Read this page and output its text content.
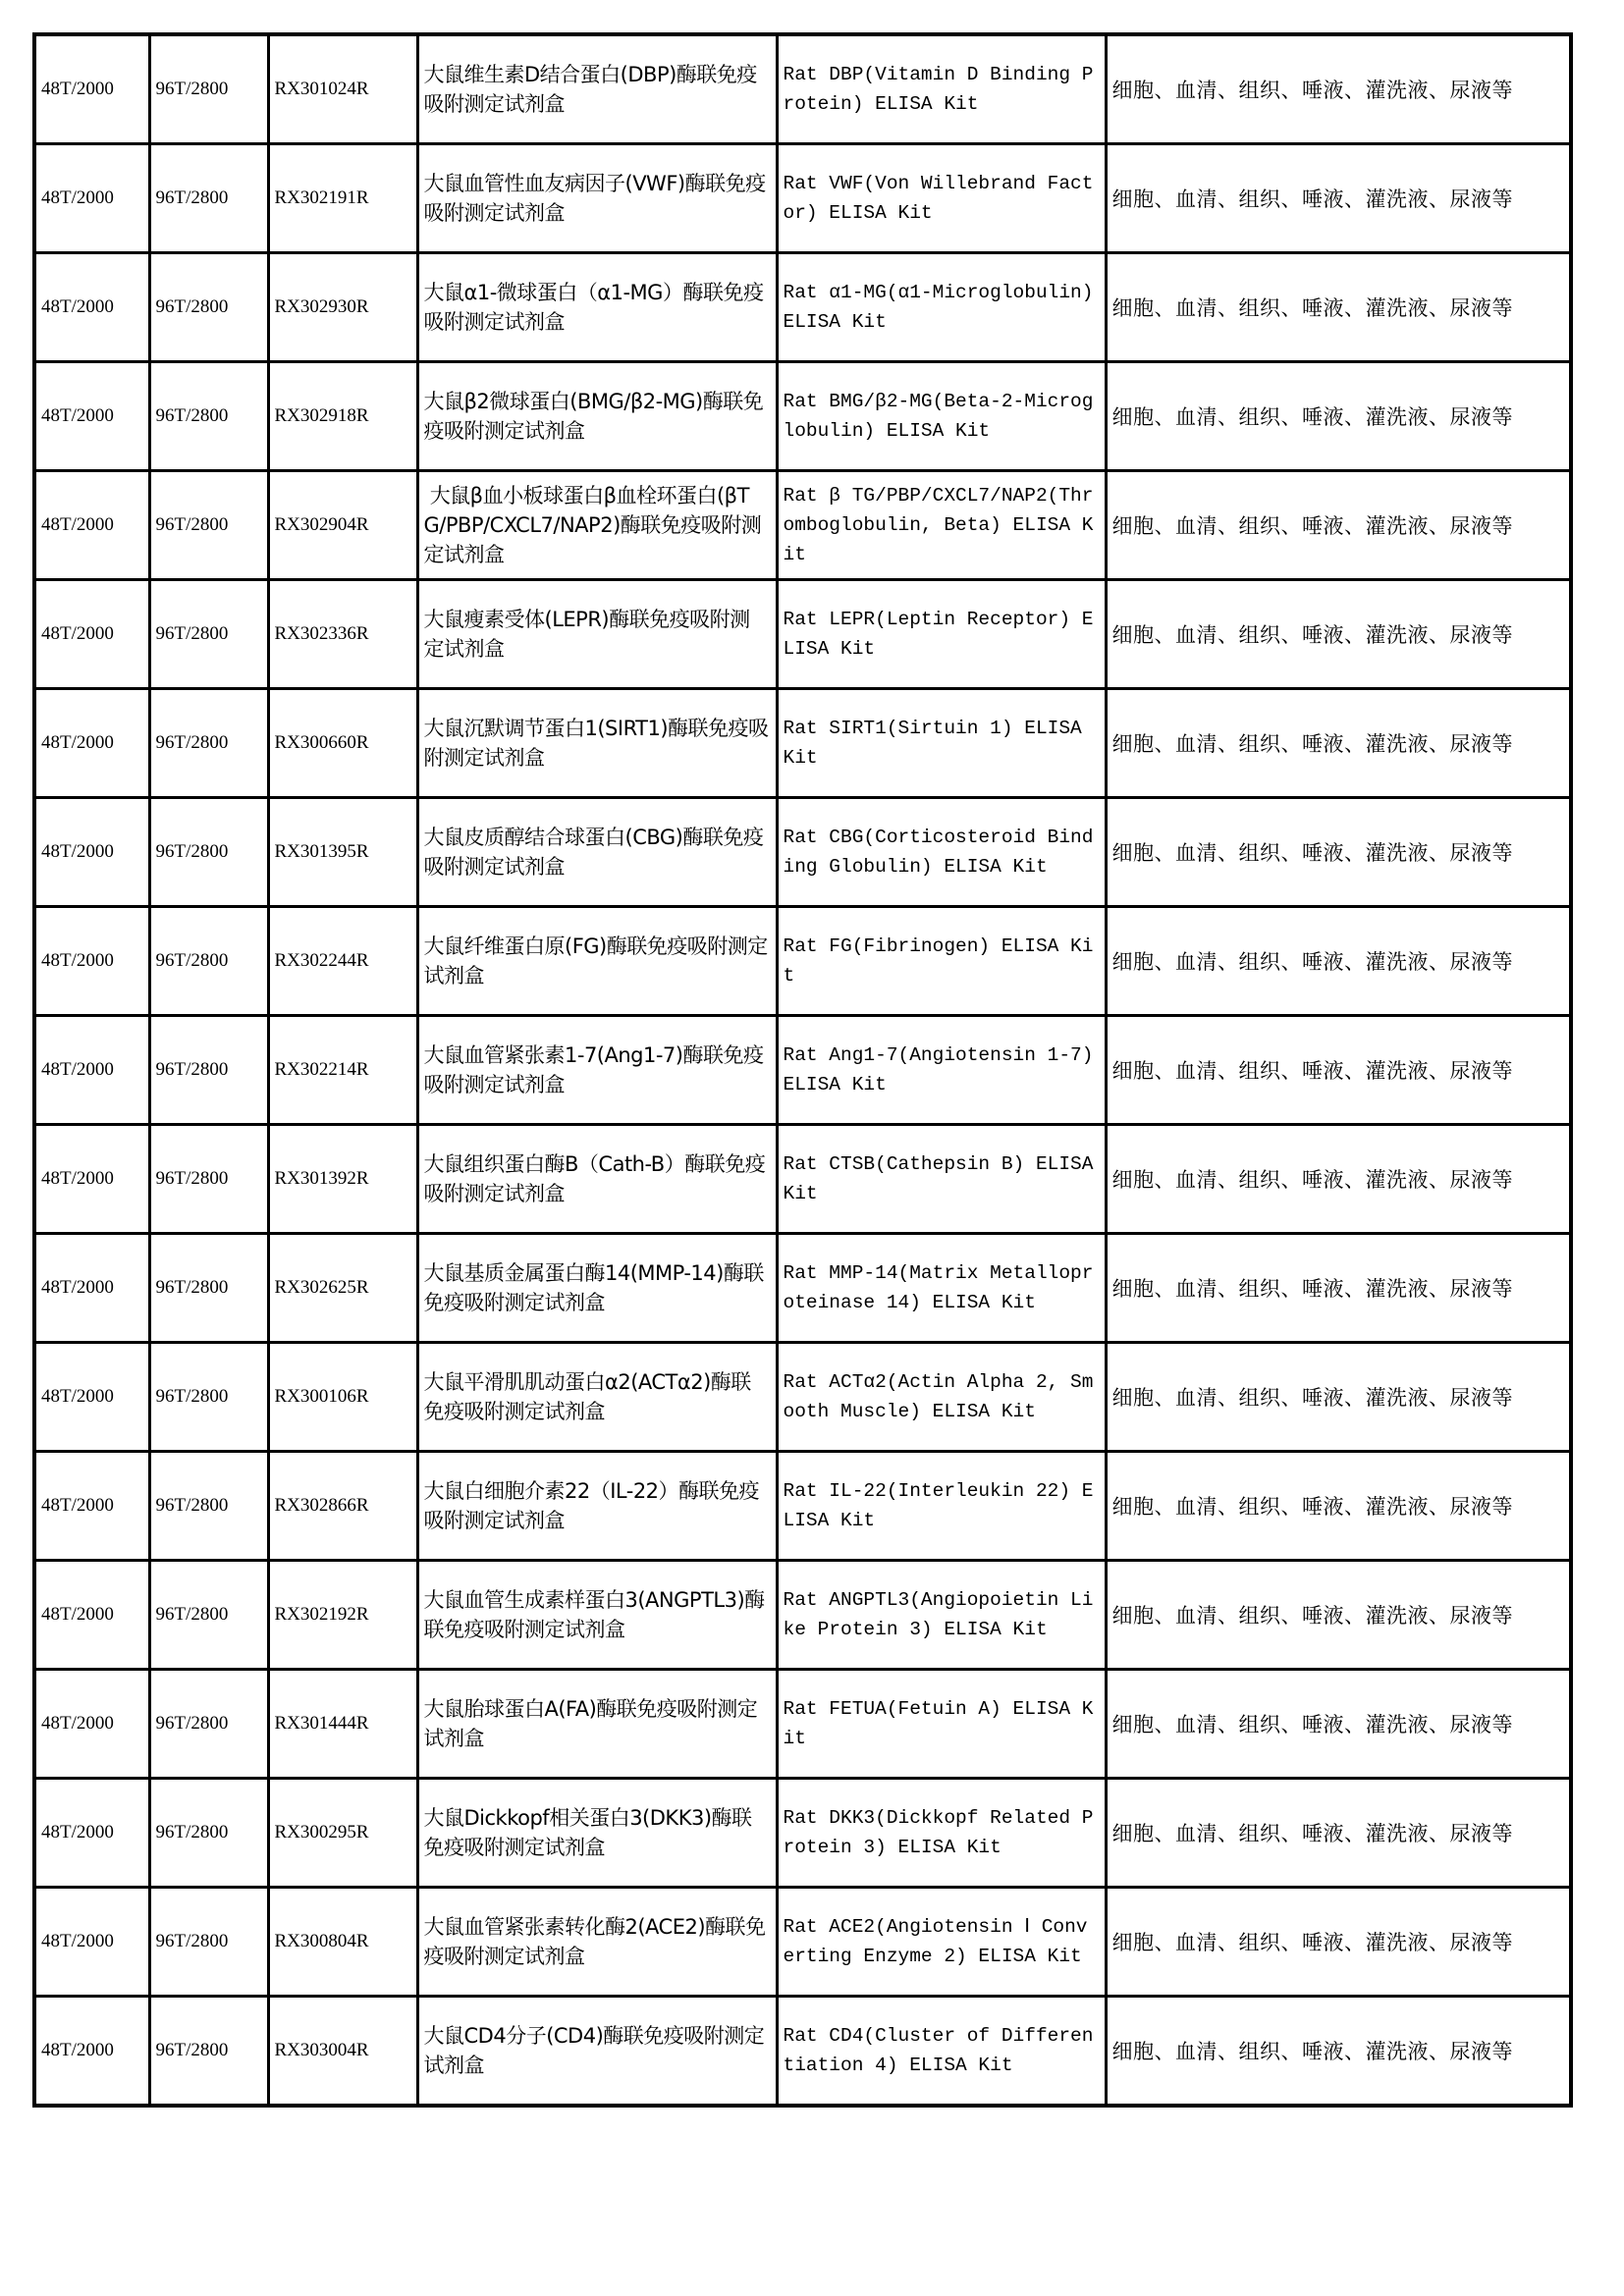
48T/2000	96T/2800	RX301024R	大鼠维生素D结合蛋白(DBP)酶联免疫吸附测定试剂盒	Rat DBP(Vitamin D Binding Protein) ELISA Kit	细胞、血清、组织、唾液、灌洗液、尿液等
48T/2000	96T/2800	RX302191R	大鼠血管性血友病因子(VWF)酶联免疫吸附测定试剂盒	Rat VWF(Von Willebrand Factor) ELISA Kit	细胞、血清、组织、唾液、灌洗液、尿液等
48T/2000	96T/2800	RX302930R	大鼠α1-微球蛋白（α1-MG）酶联免疫吸附测定试剂盒	Rat α1-MG(α1-Microglobulin) ELISA Kit	细胞、血清、组织、唾液、灌洗液、尿液等
48T/2000	96T/2800	RX302918R	大鼠β2微球蛋白(BMG/β2-MG)酶联免疫吸附测定试剂盒	Rat BMG/β2-MG(Beta-2-Microglobulin) ELISA Kit	细胞、血清、组织、唾液、灌洗液、尿液等
48T/2000	96T/2800	RX302904R	大鼠β血小板球蛋白β血栓环蛋白(βTG/PBP/CXCL7/NAP2)酶联免疫吸附测定试剂盒	Rat β TG/PBP/CXCL7/NAP2(Thromboglobulin, Beta) ELISA Kit	细胞、血清、组织、唾液、灌洗液、尿液等
48T/2000	96T/2800	RX302336R	大鼠瘦素受体(LEPR)酶联免疫吸附测定试剂盒	Rat LEPR(Leptin Receptor) ELISA Kit	细胞、血清、组织、唾液、灌洗液、尿液等
48T/2000	96T/2800	RX300660R	大鼠沉默调节蛋白1(SIRT1)酶联免疫吸附测定试剂盒	Rat SIRT1(Sirtuin 1) ELISA Kit	细胞、血清、组织、唾液、灌洗液、尿液等
48T/2000	96T/2800	RX301395R	大鼠皮质醇结合球蛋白(CBG)酶联免疫吸附测定试剂盒	Rat CBG(Corticosteroid Binding Globulin) ELISA Kit	细胞、血清、组织、唾液、灌洗液、尿液等
48T/2000	96T/2800	RX302244R	大鼠纤维蛋白原(FG)酶联免疫吸附测定试剂盒	Rat FG(Fibrinogen) ELISA Kit	细胞、血清、组织、唾液、灌洗液、尿液等
48T/2000	96T/2800	RX302214R	大鼠血管紧张素1-7(Ang1-7)酶联免疫吸附测定试剂盒	Rat Ang1-7(Angiotensin 1-7) ELISA Kit	细胞、血清、组织、唾液、灌洗液、尿液等
48T/2000	96T/2800	RX301392R	大鼠组织蛋白酶B（Cath-B）酶联免疫吸附测定试剂盒	Rat CTSB(Cathepsin B) ELISA Kit	细胞、血清、组织、唾液、灌洗液、尿液等
48T/2000	96T/2800	RX302625R	大鼠基质金属蛋白酶14(MMP-14)酶联免疫吸附测定试剂盒	Rat MMP-14(Matrix Metalloproteinase 14) ELISA Kit	细胞、血清、组织、唾液、灌洗液、尿液等
48T/2000	96T/2800	RX300106R	大鼠平滑肌肌动蛋白α2(ACTα2)酶联免疫吸附测定试剂盒	Rat ACTα2(Actin Alpha 2, Smooth Muscle) ELISA Kit	细胞、血清、组织、唾液、灌洗液、尿液等
48T/2000	96T/2800	RX302866R	大鼠白细胞介素22（IL-22）酶联免疫吸附测定试剂盒	Rat IL-22(Interleukin 22) ELISA Kit	细胞、血清、组织、唾液、灌洗液、尿液等
48T/2000	96T/2800	RX302192R	大鼠血管生成素样蛋白3(ANGPTL3)酶联免疫吸附测定试剂盒	Rat ANGPTL3(Angiopoietin Like Protein 3) ELISA Kit	细胞、血清、组织、唾液、灌洗液、尿液等
48T/2000	96T/2800	RX301444R	大鼠胎球蛋白A(FA)酶联免疫吸附测定试剂盒	Rat FETUA(Fetuin A) ELISA Kit	细胞、血清、组织、唾液、灌洗液、尿液等
48T/2000	96T/2800	RX300295R	大鼠Dickkopf相关蛋白3(DKK3)酶联免疫吸附测定试剂盒	Rat DKK3(Dickkopf Related Protein 3) ELISA Kit	细胞、血清、组织、唾液、灌洗液、尿液等
48T/2000	96T/2800	RX300804R	大鼠血管紧张素转化酶2(ACE2)酶联免疫吸附测定试剂盒	Rat ACE2(Angiotensin Ⅰ Converting Enzyme 2) ELISA Kit	细胞、血清、组织、唾液、灌洗液、尿液等
48T/2000	96T/2800	RX303004R	大鼠CD4分子(CD4)酶联免疫吸附测定试剂盒	Rat CD4(Cluster of Differentiation 4) ELISA Kit	细胞、血清、组织、唾液、灌洗液、尿液等
